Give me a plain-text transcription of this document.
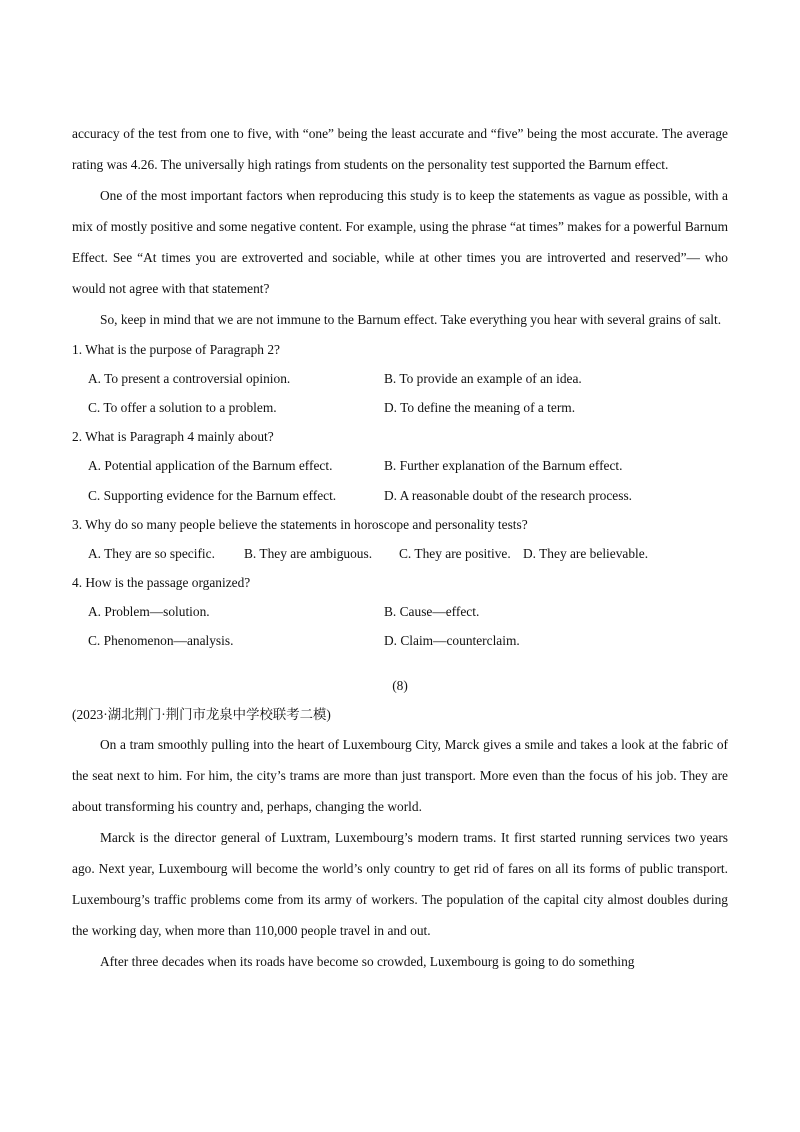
accuracy of the test from one to five, with “one” being the least accurate and “five” being the most accurate. The average rating was 4.26. The universally high ratings from students on the personality test supported the Barnum effect.

One of the most important factors when reproducing this study is to keep the statements as vague as possible, with a mix of mostly positive and some negative content. For example, using the phrase “at times” makes for a powerful Barnum Effect. See “At times you are extroverted and sociable, while at other times you are introverted and reserved”— who would not agree with that statement?

So, keep in mind that we are not immune to the Barnum effect. Take everything you hear with several grains of salt.

1. What is the purpose of Paragraph 2?
A. To present a controversial opinion.	B. To provide an example of an idea.
C. To offer a solution to a problem.	D. To define the meaning of a term.
2. What is Paragraph 4 mainly about?
A. Potential application of the Barnum effect.	B. Further explanation of the Barnum effect.
C. Supporting evidence for the Barnum effect.	D. A reasonable doubt of the research process.
3. Why do so many people believe the statements in horoscope and personality tests?
A. They are so specific.	B. They are ambiguous.	C. They are positive. D. They are believable.
4. How is the passage organized?
A. Problem—solution.	B. Cause—effect.
C. Phenomenon—analysis.	D. Claim—counterclaim.
(8)
(2023·湖北荆门·荆门市龙泉中学校联考二模)

On a tram smoothly pulling into the heart of Luxembourg City, Marck gives a smile and takes a look at the fabric of the seat next to him. For him, the city’s trams are more than just transport. More even than the focus of his job. They are about transforming his country and, perhaps, changing the world.

Marck is the director general of Luxtram, Luxembourg’s modern trams. It first started running services two years ago. Next year, Luxembourg will become the world’s only country to get rid of fares on all its forms of public transport. Luxembourg’s traffic problems come from its army of workers. The population of the capital city almost doubles during the working day, when more than 110,000 people travel in and out.

After three decades when its roads have become so crowded, Luxembourg is going to do something
